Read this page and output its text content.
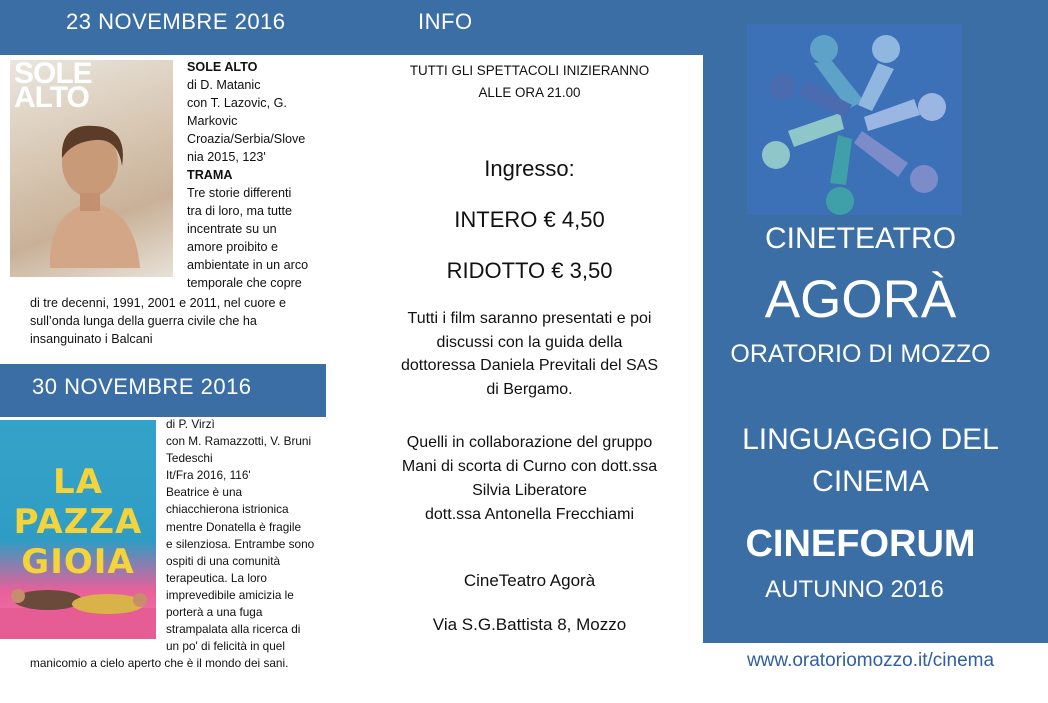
23 NOVEMBRE 2016	INFO
SOLE
ALTO
SOLE ALTO
di D. Matanic
con T. Lazovic, G.
Markovic
Croazia/Serbia/Slove
nia 2015, 123'
TRAMA
Tre storie differenti
tra di loro, ma tutte
incentrate su un
amore proibito e
ambientate in un arco
temporale che copre
di tre decenni, 1991, 2001 e 2011, nel cuore e
sull’onda lunga della guerra civile che ha
insanguinato i Balcani
30 NOVEMBRE 2016
LA PAZZA
GIOIA
di P. Virzì
con M. Ramazzotti, V. Bruni
Tedeschi
It/Fra 2016, 116'
Beatrice è una
chiacchierona istrionica
mentre Donatella è fragile
e silenziosa. Entrambe sono
ospiti di una comunità
terapeutica. La loro
imprevedibile amicizia le
porterà a una fuga
strampalata alla ricerca di
un po' di felicità in quel
manicomio a cielo aperto che è il mondo dei sani.
TUTTI GLI SPETTACOLI INIZIERANNO
ALLE ORA 21.00
Ingresso:
INTERO € 4,50
RIDOTTO € 3,50
Tutti i film saranno presentati e poi
discussi con la guida della
dottoressa Daniela Previtali del SAS
di Bergamo.
Quelli in collaborazione del gruppo
Mani di scorta di Curno con dott.ssa
Silvia Liberatore
dott.ssa Antonella Frecchiami
CineTeatro Agorà
Via S.G.Battista 8, Mozzo
CINETEATRO
AGORÀ
ORATORIO DI MOZZO
LINGUAGGIO DEL
CINEMA
CINEFORUM
AUTUNNO 2016
www.oratoriomozzo.it/cinema
